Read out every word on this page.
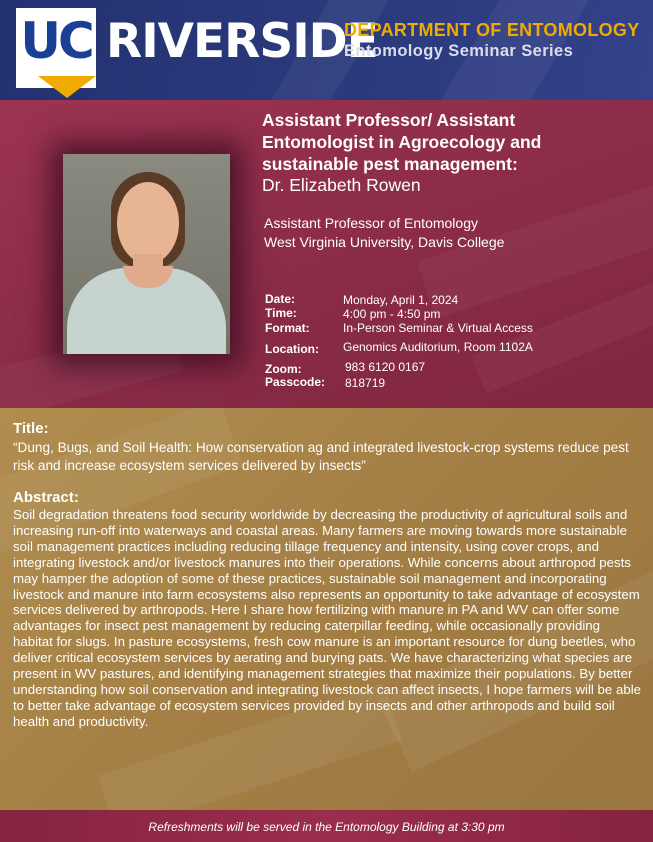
UC RIVERSIDE
DEPARTMENT OF ENTOMOLOGY
Entomology Seminar Series
Assistant Professor/ Assistant Entomologist in Agroecology and sustainable pest management:
Dr. Elizabeth Rowen
Assistant Professor of Entomology
West Virginia University, Davis College
Date:	Monday, April 1, 2024
Time:	4:00 pm - 4:50 pm
Format:	In-Person Seminar & Virtual Access
Location: Genomics Auditorium, Room 1102A
Zoom:	983 6120 0167
Passcode: 818719
Title:
“Dung, Bugs, and Soil Health: How conservation ag and integrated livestock-crop systems reduce pest risk and increase ecosystem services delivered by insects”
Abstract:
Soil degradation threatens food security worldwide by decreasing the productivity of agricultural soils and increasing run-off into waterways and coastal areas. Many farmers are moving towards more sustainable soil management practices including reducing tillage frequency and intensity, using cover crops, and integrating livestock and/or livestock manures into their operations. While concerns about arthropod pests may hamper the adoption of some of these practices, sustainable soil management and incorporating livestock and manure into farm ecosystems also represents an opportunity to take advantage of ecosystem services delivered by arthropods. Here I share how fertilizing with manure in PA and WV can offer some advantages for insect pest management by reducing caterpillar feeding, while occasionally providing habitat for slugs. In pasture ecosystems, fresh cow manure is an important resource for dung beetles, who deliver critical ecosystem services by aerating and burying pats. We have characterizing what species are present in WV pastures, and identifying management strategies that maximize their populations. By better understanding how soil conservation and integrating livestock can affect insects, I hope farmers will be able to better take advantage of ecosystem services provided by insects and other arthropods and build soil health and productivity.
Refreshments will be served in the Entomology Building at 3:30 pm
